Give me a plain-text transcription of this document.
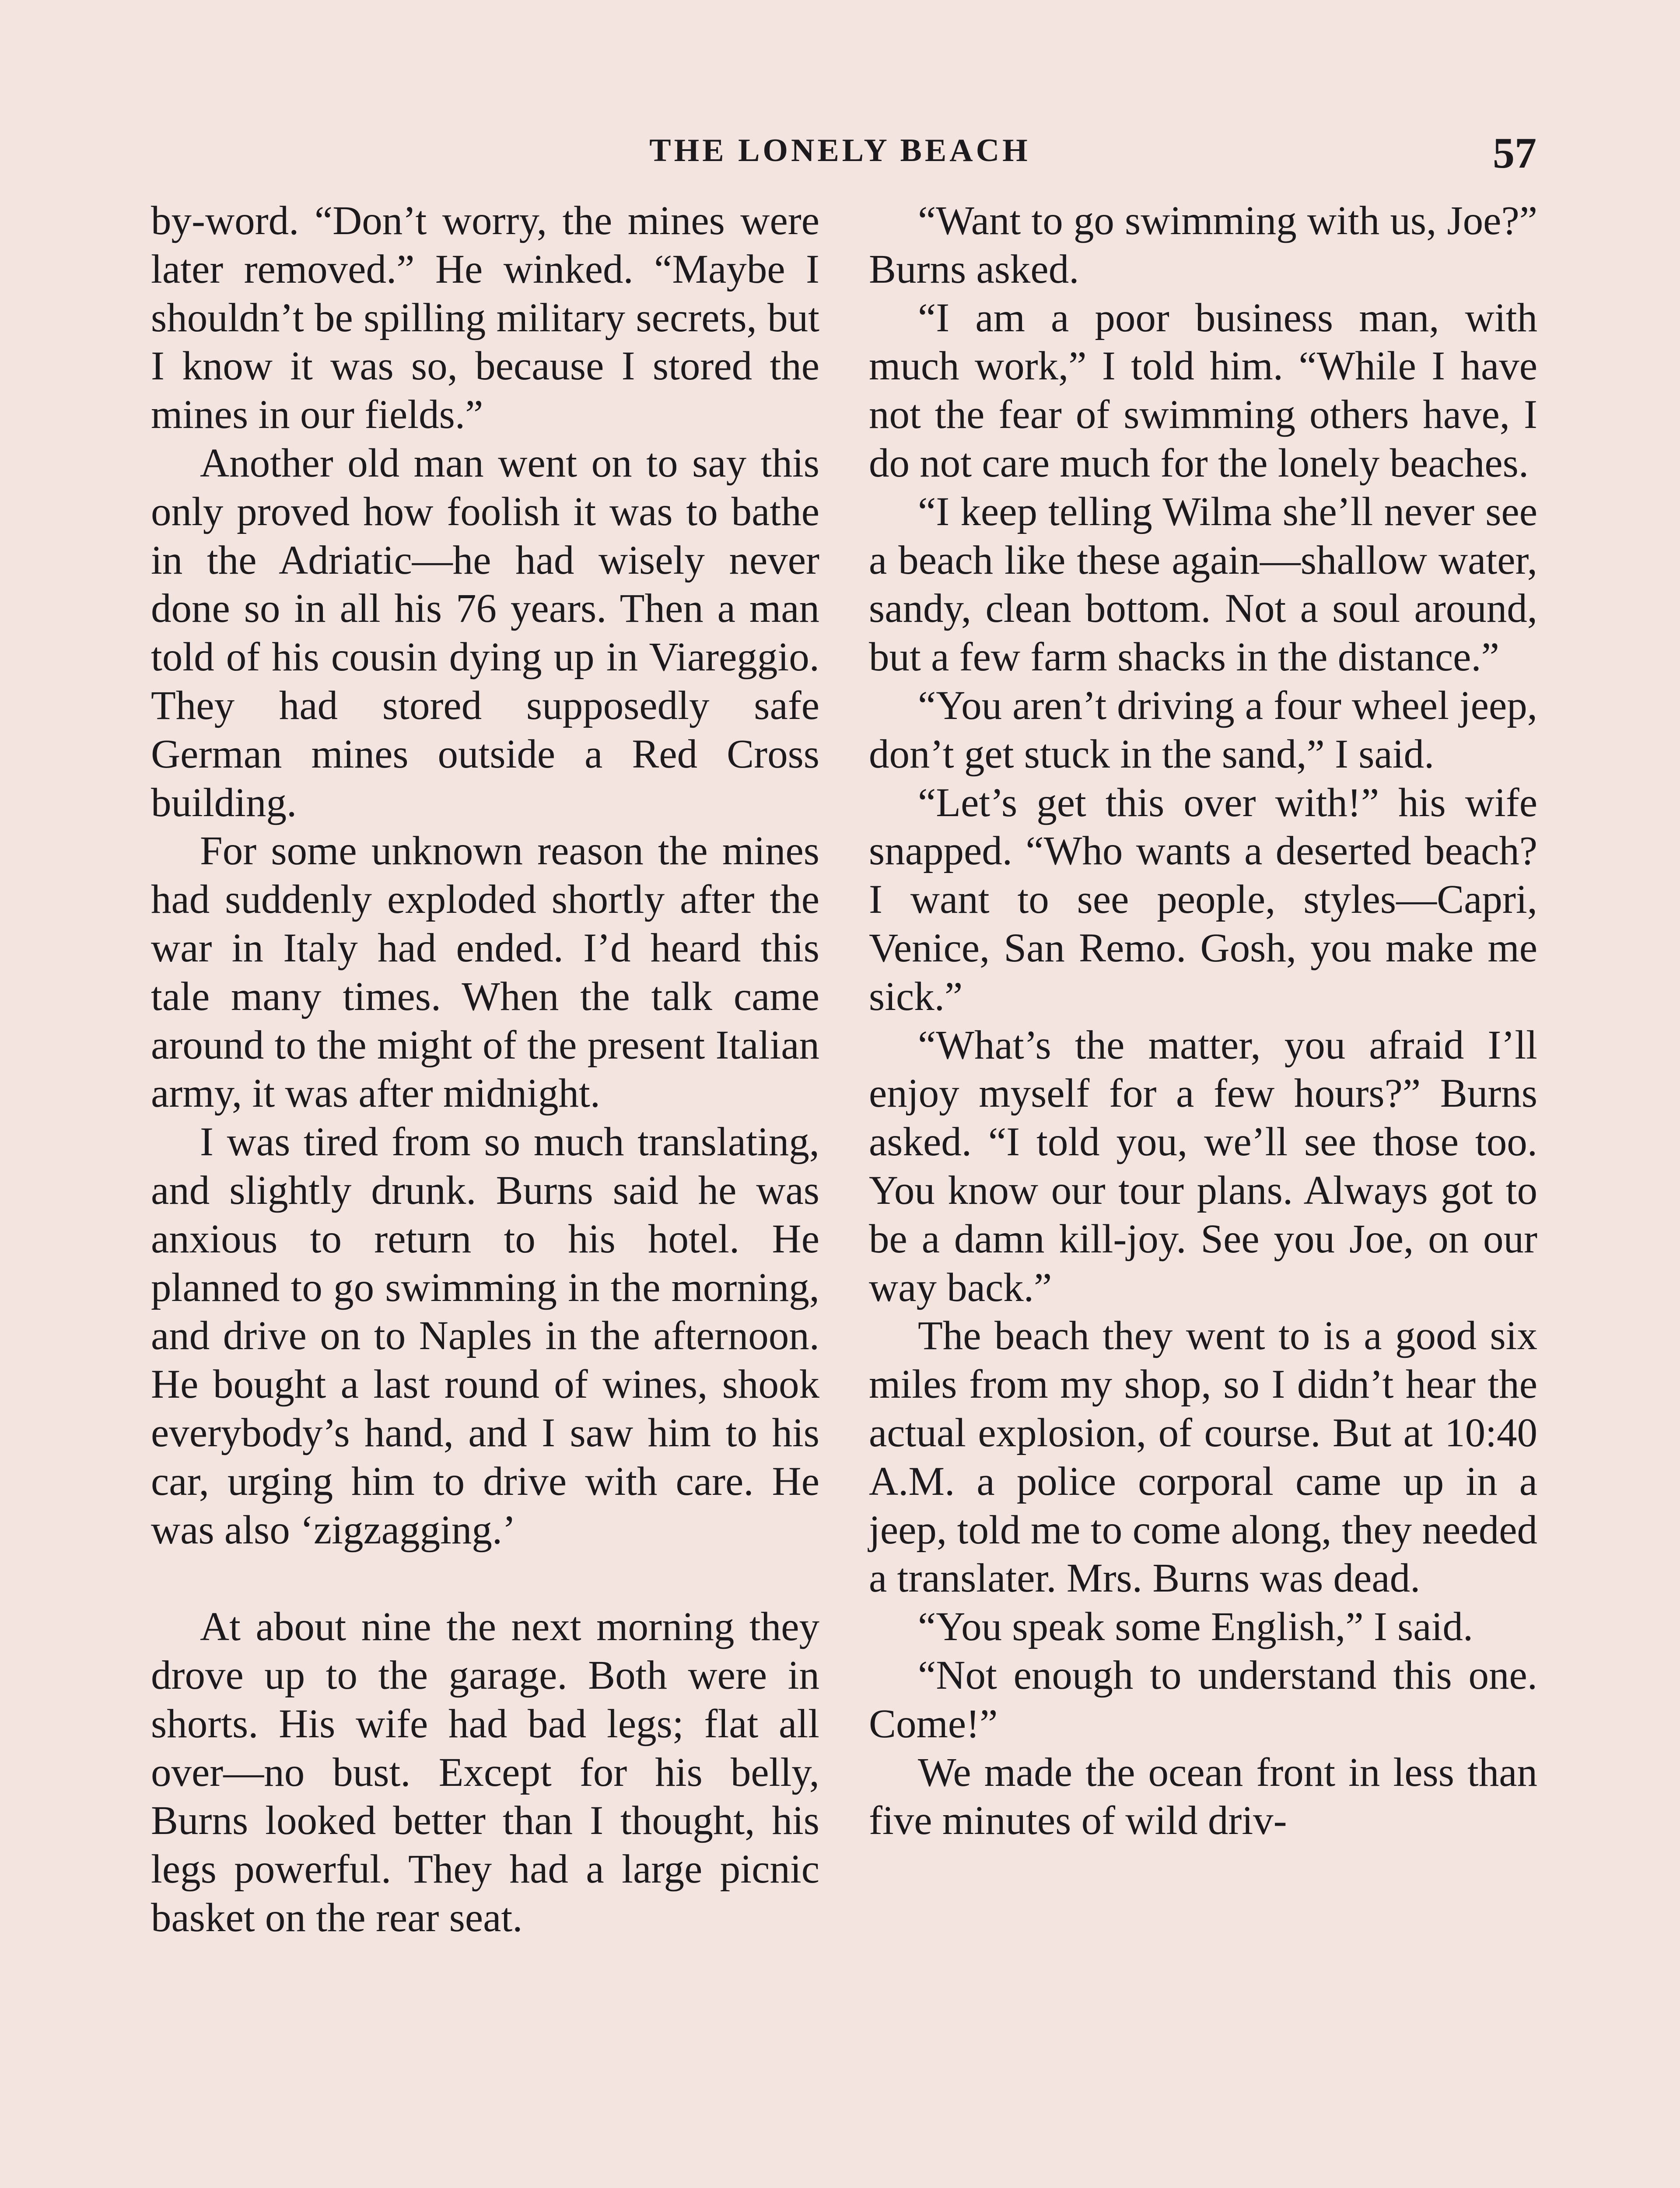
THE LONELY BEACH	57

by-word. “Don’t worry, the mines were later removed.” He winked. “Maybe I shouldn’t be spilling military secrets, but I know it was so, because I stored the mines in our fields.”

Another old man went on to say this only proved how foolish it was to bathe in the Adriatic—he had wisely never done so in all his 76 years. Then a man told of his cousin dying up in Viareggio. They had stored supposedly safe German mines outside a Red Cross building.

For some unknown reason the mines had suddenly exploded shortly after the war in Italy had ended. I’d heard this tale many times. When the talk came around to the might of the present Italian army, it was after midnight.

I was tired from so much translating, and slightly drunk. Burns said he was anxious to return to his hotel. He planned to go swimming in the morning, and drive on to Naples in the afternoon. He bought a last round of wines, shook everybody’s hand, and I saw him to his car, urging him to drive with care. He was also ‘zigzagging.’

At about nine the next morning they drove up to the garage. Both were in shorts. His wife had bad legs; flat all over—no bust. Except for his belly, Burns looked better than I thought, his legs powerful. They had a large picnic basket on the rear seat.

“Want to go swimming with us, Joe?” Burns asked.

“I am a poor business man, with much work,” I told him. “While I have not the fear of swimming others have, I do not care much for the lonely beaches.

“I keep telling Wilma she’ll never see a beach like these again—shallow water, sandy, clean bottom. Not a soul around, but a few farm shacks in the distance.”

“You aren’t driving a four wheel jeep, don’t get stuck in the sand,” I said.

“Let’s get this over with!” his wife snapped. “Who wants a deserted beach? I want to see people, styles—Capri, Venice, San Remo. Gosh, you make me sick.”

“What’s the matter, you afraid I’ll enjoy myself for a few hours?” Burns asked. “I told you, we’ll see those too. You know our tour plans. Always got to be a damn kill-joy. See you Joe, on our way back.”

The beach they went to is a good six miles from my shop, so I didn’t hear the actual explosion, of course. But at 10:40 A.M. a police corporal came up in a jeep, told me to come along, they needed a translater. Mrs. Burns was dead.

“You speak some English,” I said.

“Not enough to understand this one. Come!”

We made the ocean front in less than five minutes of wild driv-
